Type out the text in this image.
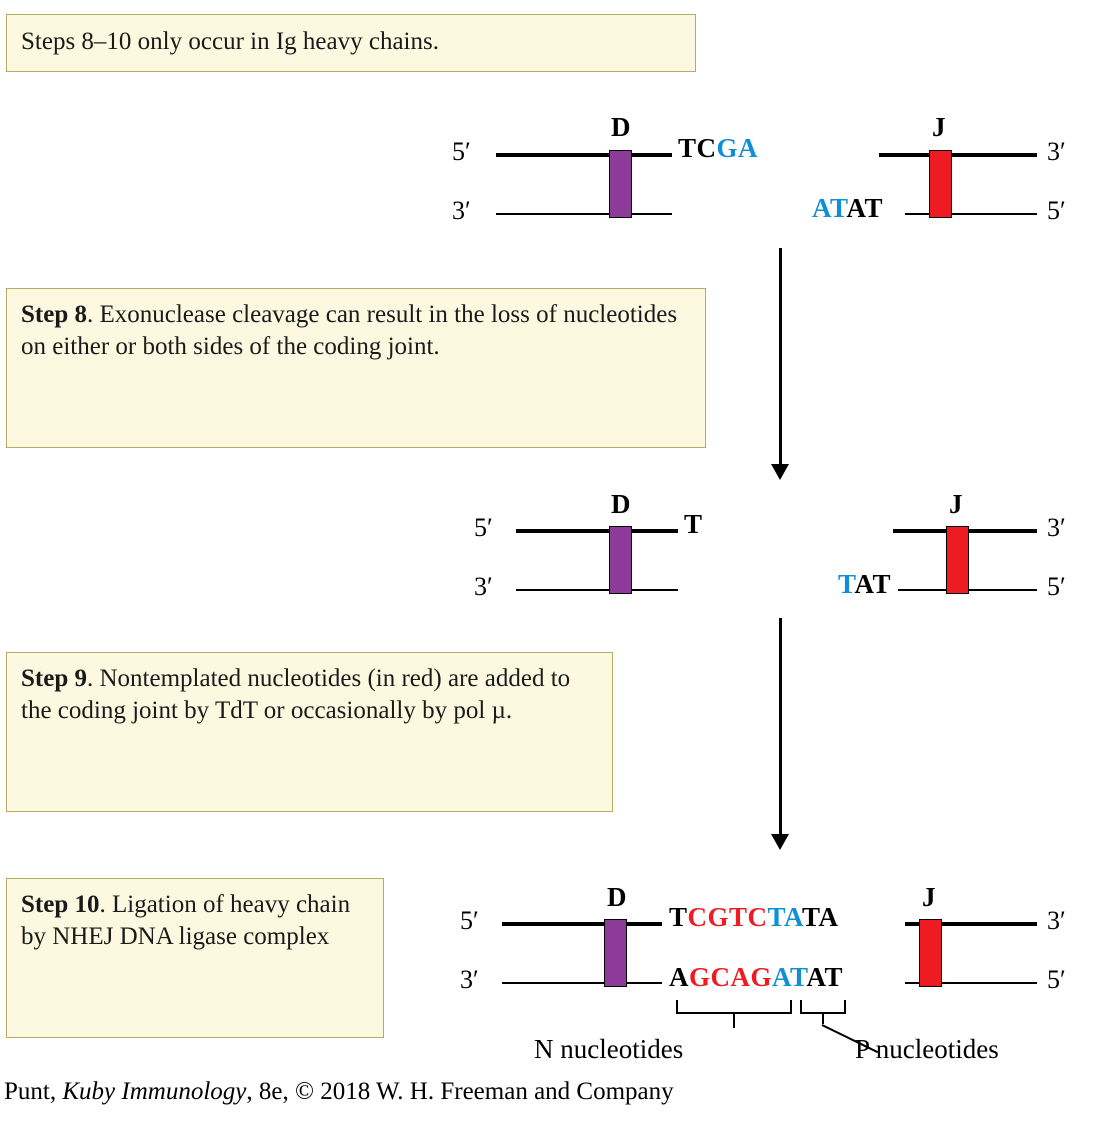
Steps 8–10 only occur in Ig heavy chains.
5′
3′
D
TCGA	3′
5′
J
ATAT
Step 8. Exonuclease cleavage can result in the loss of nucleotides on either or both sides of the coding joint.
5′
3′
D
T	3′
5′
J
TAT
Step 9. Nontemplated nucleotides (in red) are added to the coding joint by TdT or occasionally by pol µ.
Step 10. Ligation of heavy chain by NHEJ DNA ligase complex
5′
3′
D
TCGTCTATA
AGCAGATAT
3′
5′
J
N nucleotides	P nucleotides
Punt, Kuby Immunology, 8e, © 2018 W. H. Freeman and Company
